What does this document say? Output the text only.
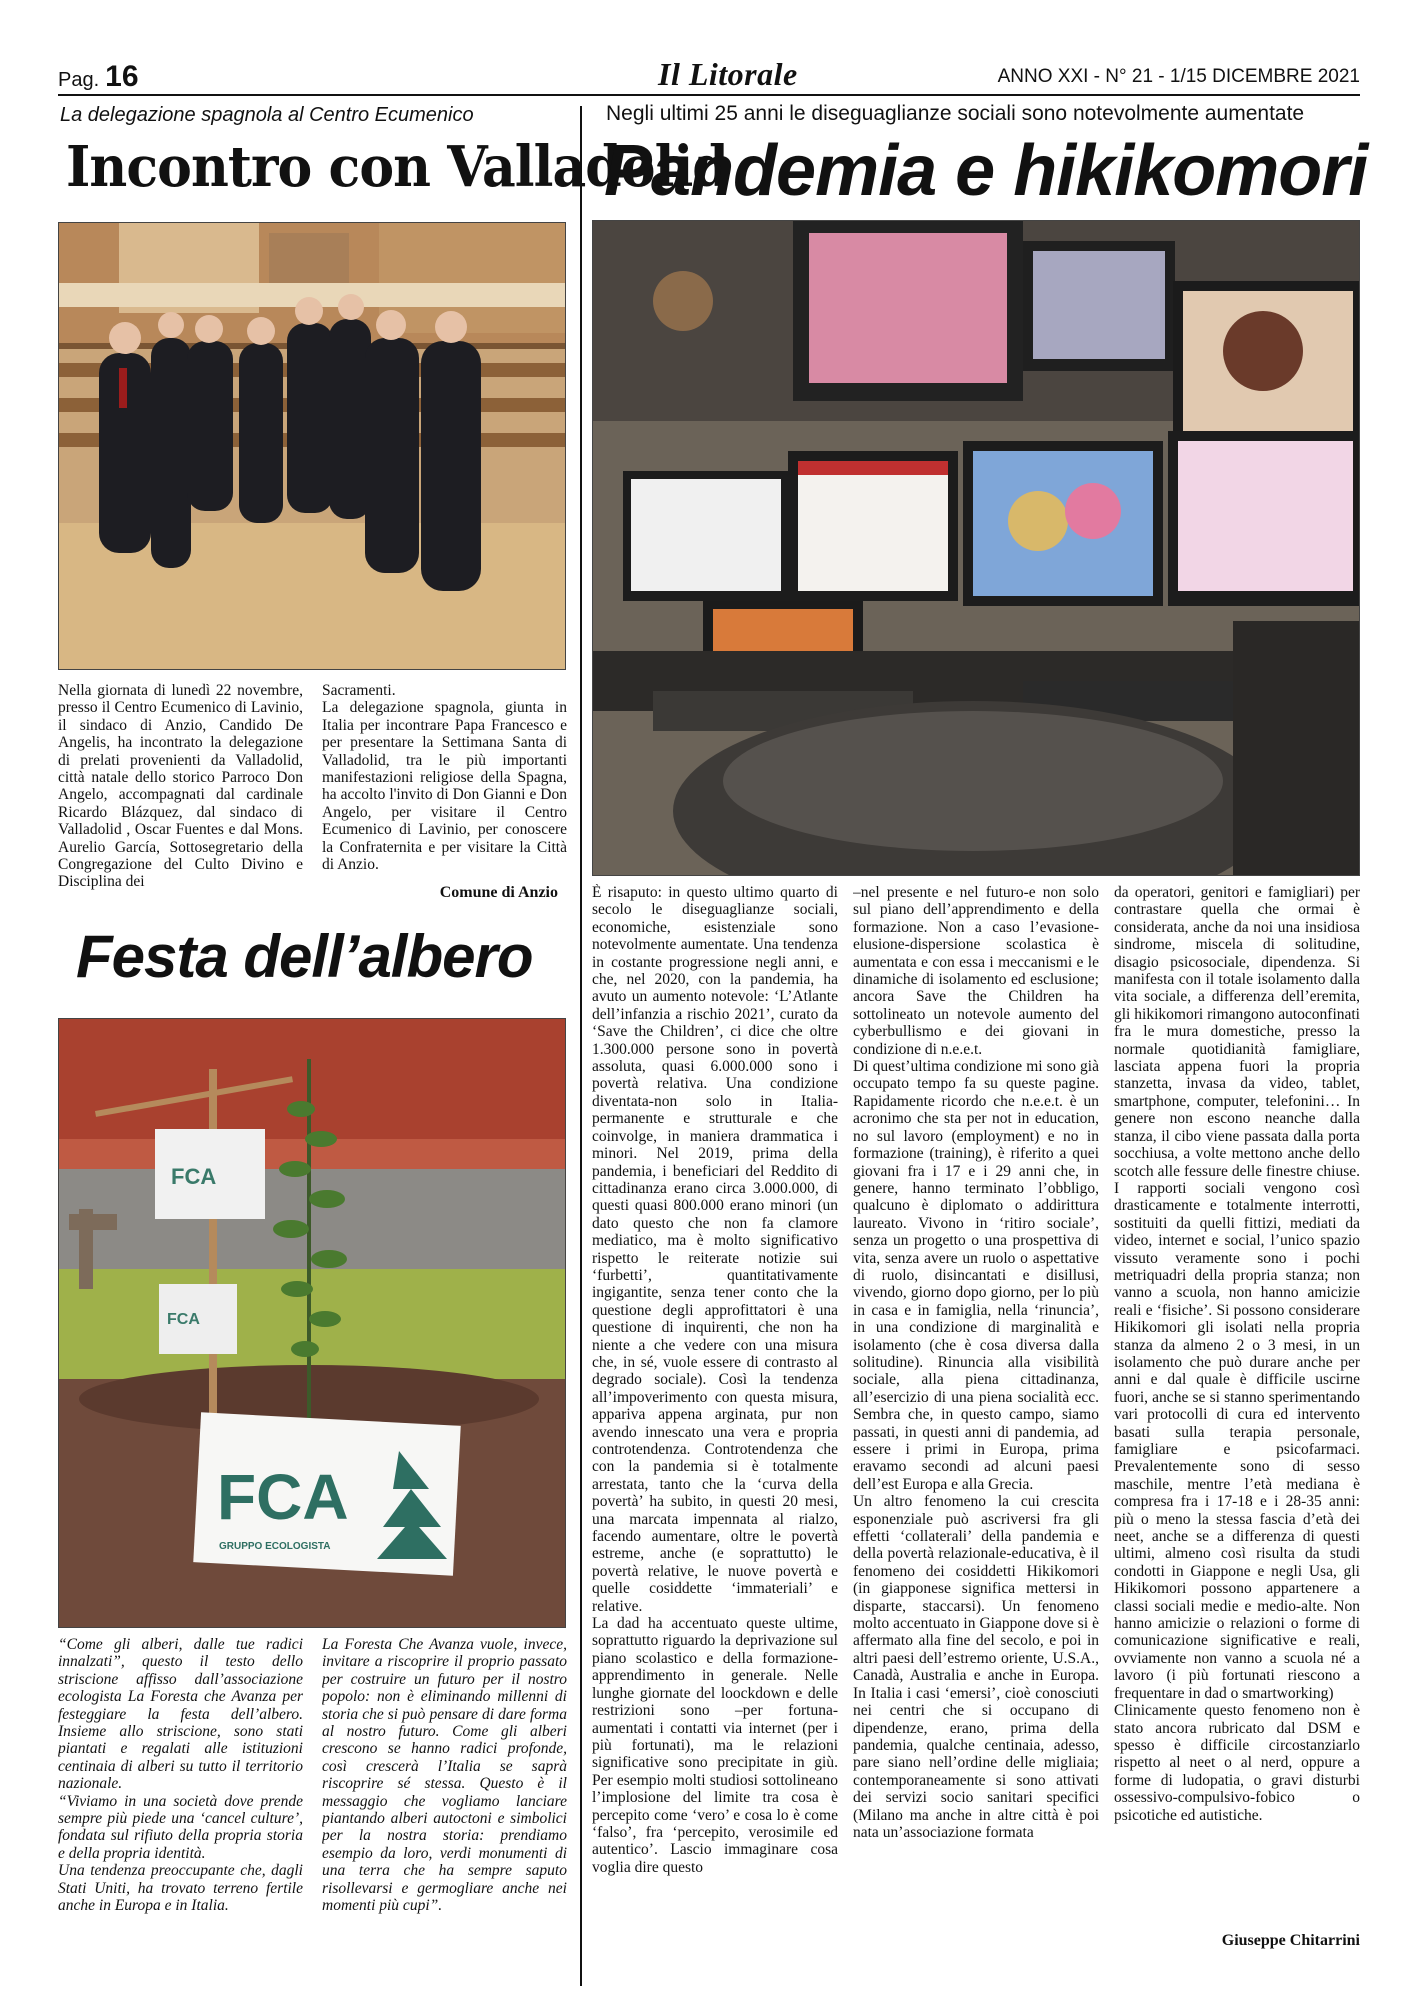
Pag. 16	Il Litorale	ANNO XXI - N° 21 - 1/15 DICEMBRE 2021
La delegazione spagnola al Centro Ecumenico
Incontro con Valladolid
Nella giornata di lunedì 22 novembre, presso il Centro Ecumenico di Lavinio, il sindaco di Anzio, Candido De Angelis, ha incontrato la delegazione di prelati provenienti da Valladolid, città natale dello storico Parroco Don Angelo, accompagnati dal cardinale Ricardo Blázquez, dal sindaco di Valladolid , Oscar Fuentes e dal Mons. Aurelio García, Sottosegretario della Congregazione del Culto Divino e Disciplina dei
Sacramenti.
La delegazione spagnola, giunta in Italia per incontrare Papa Francesco e per presentare la Settimana Santa di Valladolid, tra le più importanti manifestazioni religiose della Spagna, ha accolto l'invito di Don Gianni e Don Angelo, per visitare il Centro Ecumenico di Lavinio, per conoscere la Confraternita e per visitare la Città di Anzio.
Comune di Anzio
Festa dell’albero
FCA
FCA
FCA
GRUPPO ECOLOGISTA
“Come gli alberi, dalle tue radici innalzati”, questo il testo dello striscione affisso dall’associazione ecologista La Foresta che Avanza per festeggiare la festa dell’albero. Insieme allo striscione, sono stati piantati e regalati alle istituzioni centinaia di alberi su tutto il territorio nazionale.
“Viviamo in una società dove prende sempre più piede una ‘cancel culture’, fondata sul rifiuto della propria storia e della propria identità.
Una tendenza preoccupante che, dagli Stati Uniti, ha trovato terreno fertile anche in Europa e in Italia.
La Foresta Che Avanza vuole, invece, invitare a riscoprire il proprio passato per costruire un futuro per il nostro popolo: non è eliminando millenni di storia che si può pensare di dare forma al nostro futuro. Come gli alberi crescono se hanno radici profonde, così crescerà l’Italia se saprà riscoprire sé stessa. Questo è il messaggio che vogliamo lanciare piantando alberi autoctoni e simbolici per la nostra storia: prendiamo esempio da loro, verdi monumenti di una terra che ha sempre saputo risollevarsi e germogliare anche nei momenti più cupi”.
Negli ultimi 25 anni le diseguaglianze sociali sono notevolmente aumentate
Pandemia e hikikomori
È risaputo: in questo ultimo quarto di secolo le diseguaglianze sociali, economiche, esistenziale sono notevolmente aumentate. Una tendenza in costante progressione negli anni, e che, nel 2020, con la pandemia, ha avuto un aumento notevole: ‘L’Atlante dell’infanzia a rischio 2021’, curato da ‘Save the Children’, ci dice che oltre 1.300.000 persone sono in povertà assoluta, quasi 6.000.000 sono i povertà relativa. Una condizione diventata-non solo in Italia- permanente e strutturale e che coinvolge, in maniera drammatica i minori. Nel 2019, prima della pandemia, i beneficiari del Reddito di cittadinanza erano circa 3.000.000, di questi quasi 800.000 erano minori (un dato questo che non fa clamore mediatico, ma è molto significativo rispetto le reiterate notizie sui ‘furbetti’, quantitativamente ingigantite, senza tener conto che la questione degli approfittatori è una questione di inquirenti, che non ha niente a che vedere con una misura che, in sé, vuole essere di contrasto al degrado sociale). Così la tendenza all’impoverimento con questa misura, appariva appena arginata, pur non avendo innescato una vera e propria controtendenza. Controtendenza che con la pandemia si è totalmente arrestata, tanto che la ‘curva della povertà’ ha subito, in questi 20 mesi, una marcata impennata al rialzo, facendo aumentare, oltre le povertà estreme, anche (e soprattutto) le povertà relative, le nuove povertà e quelle cosiddette ‘immateriali’ e relative.
La dad ha accentuato queste ultime, soprattutto riguardo la deprivazione sul piano scolastico e della formazione-apprendimento in generale. Nelle lunghe giornate del loockdown e delle restrizioni sono –per fortuna- aumentati i contatti via internet (per i più fortunati), ma le relazioni significative sono precipitate in giù. Per esempio molti studiosi sottolineano l’implosione del limite tra cosa è percepito come ‘vero’ e cosa lo è come ‘falso’, fra ‘percepito, verosimile ed autentico’. Lascio immaginare cosa voglia dire questo
–nel presente e nel futuro-e non solo sul piano dell’apprendimento e della formazione. Non a caso l’evasione-elusione-dispersione scolastica è aumentata e con essa i meccanismi e le dinamiche di isolamento ed esclusione; ancora Save the Children ha sottolineato un notevole aumento del cyberbullismo e dei giovani in condizione di n.e.e.t.
Di quest’ultima condizione mi sono già occupato tempo fa su queste pagine. Rapidamente ricordo che n.e.e.t. è un acronimo che sta per not in education, no sul lavoro (employment) e no in formazione (training), è riferito a quei giovani fra i 17 e i 29 anni che, in genere, hanno terminato l’obbligo, qualcuno è diplomato o addirittura laureato. Vivono in ‘ritiro sociale’, senza un progetto o una prospettiva di vita, senza avere un ruolo o aspettative di ruolo, disincantati e disillusi, vivendo, giorno dopo giorno, per lo più in casa e in famiglia, nella ‘rinuncia’, in una condizione di marginalità e isolamento (che è cosa diversa dalla solitudine). Rinuncia alla visibilità sociale, alla piena cittadinanza, all’esercizio di una piena socialità ecc. Sembra che, in questo campo, siamo passati, in questi anni di pandemia, ad essere i primi in Europa, prima eravamo secondi ad alcuni paesi dell’est Europa e alla Grecia.
Un altro fenomeno la cui crescita esponenziale può ascriversi fra gli effetti ‘collaterali’ della pandemia e della povertà relazionale-educativa, è il fenomeno dei cosiddetti Hikikomori (in giapponese significa mettersi in disparte, staccarsi). Un fenomeno molto accentuato in Giappone dove si è affermato alla fine del secolo, e poi in altri paesi dell’estremo oriente, U.S.A., Canadà, Australia e anche in Europa. In Italia i casi ‘emersi’, cioè conosciuti nei centri che si occupano di dipendenze, erano, prima della pandemia, qualche centinaia, adesso, pare siano nell’ordine delle migliaia; contemporaneamente si sono attivati dei servizi socio sanitari specifici (Milano ma anche in altre città è poi nata un’associazione formata
da operatori, genitori e famigliari) per contrastare quella che ormai è considerata, anche da noi una insidiosa sindrome, miscela di solitudine, disagio psicosociale, dipendenza. Si manifesta con il totale isolamento dalla vita sociale, a differenza dell’eremita, gli hikikomori rimangono autoconfinati fra le mura domestiche, presso la normale quotidianità famigliare, lasciata appena fuori la propria stanzetta, invasa da video, tablet, smartphone, computer, telefonini… In genere non escono neanche dalla stanza, il cibo viene passata dalla porta socchiusa, a volte mettono anche dello scotch alle fessure delle finestre chiuse. I rapporti sociali vengono così drasticamente e totalmente interrotti, sostituiti da quelli fittizi, mediati da video, internet e social, l’unico spazio vissuto veramente sono i pochi metriquadri della propria stanza; non vanno a scuola, non hanno amicizie reali e ‘fisiche’. Si possono considerare Hikikomori gli isolati nella propria stanza da almeno 2 o 3 mesi, in un isolamento che può durare anche per anni e dal quale è difficile uscirne fuori, anche se si stanno sperimentando vari protocolli di cura ed intervento basati sulla terapia personale, famigliare e psicofarmaci. Prevalentemente sono di sesso maschile, mentre l’età mediana è compresa fra i 17-18 e i 28-35 anni: più o meno la stessa fascia d’età dei neet, anche se a differenza di questi ultimi, almeno così risulta da studi condotti in Giappone e negli Usa, gli Hikikomori possono appartenere a classi sociali medie e medio-alte. Non hanno amicizie o relazioni o forme di comunicazione significative e reali, ovviamente non vanno a scuola né a lavoro (i più fortunati riescono a frequentare in dad o smartworking)
Clinicamente questo fenomeno non è stato ancora rubricato dal DSM e spesso è difficile circostanziarlo rispetto al neet o al nerd, oppure a forme di ludopatia, o gravi disturbi ossessivo-compulsivo-fobico o psicotiche ed autistiche.
Giuseppe Chitarrini
